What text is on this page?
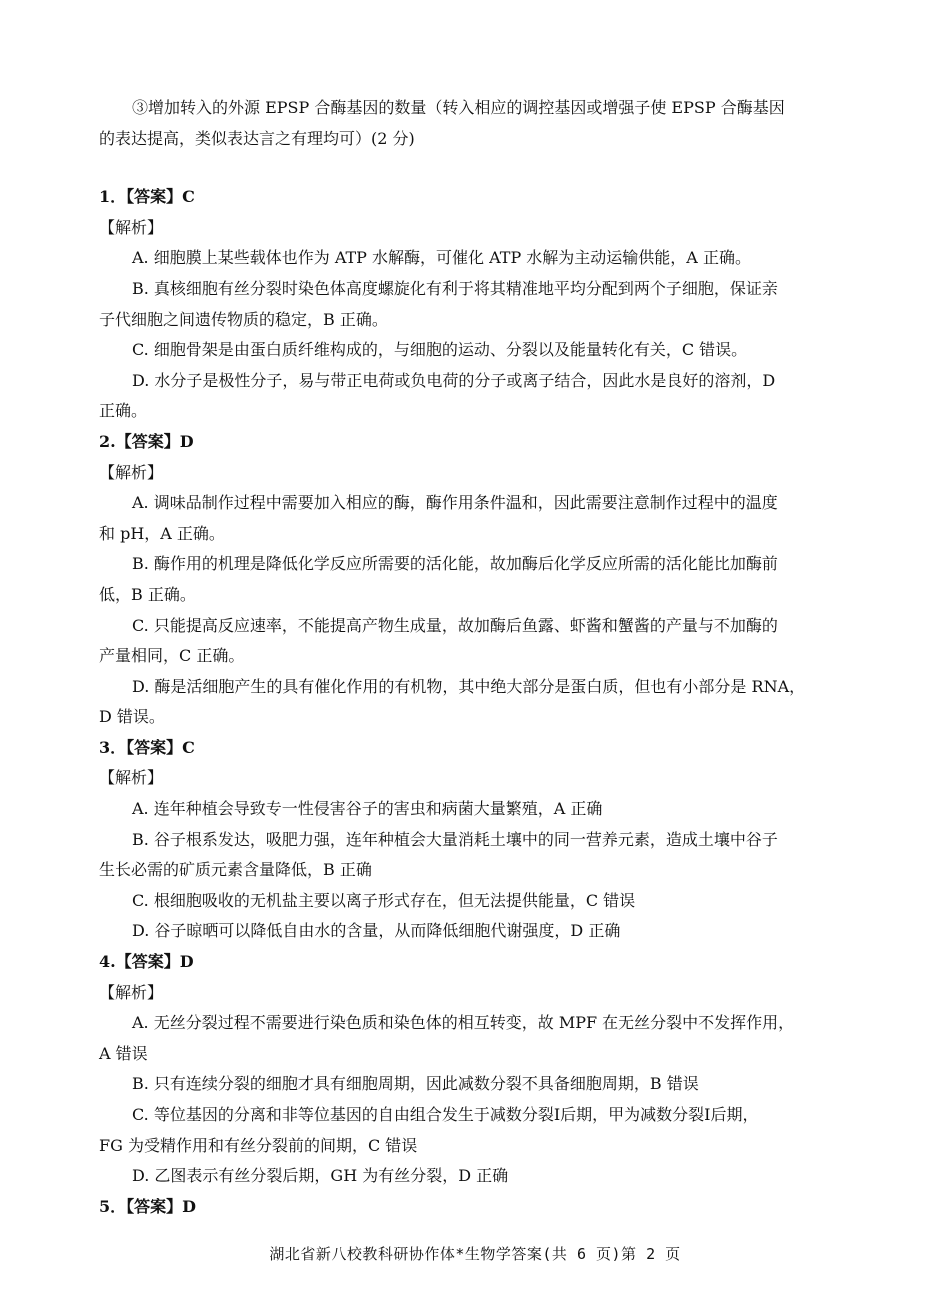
③增加转入的外源 EPSP 合酶基因的数量（转入相应的调控基因或增强子使 EPSP 合酶基因
的表达提高，类似表达言之有理均可）(2 分)
1．【答案】C
【解析】
A. 细胞膜上某些载体也作为 ATP 水解酶，可催化 ATP 水解为主动运输供能，A 正确。
B. 真核细胞有丝分裂时染色体高度螺旋化有利于将其精准地平均分配到两个子细胞，保证亲
子代细胞之间遗传物质的稳定，B 正确。
C. 细胞骨架是由蛋白质纤维构成的，与细胞的运动、分裂以及能量转化有关，C 错误。
D. 水分子是极性分子，易与带正电荷或负电荷的分子或离子结合，因此水是良好的溶剂，D
正确。
2.【答案】D
【解析】
A. 调味品制作过程中需要加入相应的酶，酶作用条件温和，因此需要注意制作过程中的温度
和 pH，A 正确。
B. 酶作用的机理是降低化学反应所需要的活化能，故加酶后化学反应所需的活化能比加酶前
低，B 正确。
C. 只能提高反应速率，不能提高产物生成量，故加酶后鱼露、虾酱和蟹酱的产量与不加酶的
产量相同，C 正确。
D. 酶是活细胞产生的具有催化作用的有机物，其中绝大部分是蛋白质，但也有小部分是 RNA，
D 错误。
3．【答案】C
【解析】
A. 连年种植会导致专一性侵害谷子的害虫和病菌大量繁殖，A 正确
B. 谷子根系发达，吸肥力强，连年种植会大量消耗土壤中的同一营养元素，造成土壤中谷子
生长必需的矿质元素含量降低，B 正确
C. 根细胞吸收的无机盐主要以离子形式存在，但无法提供能量，C 错误
D. 谷子晾晒可以降低自由水的含量，从而降低细胞代谢强度，D 正确
4.【答案】D
【解析】
A. 无丝分裂过程不需要进行染色质和染色体的相互转变，故 MPF 在无丝分裂中不发挥作用，
A 错误
B. 只有连续分裂的细胞才具有细胞周期，因此减数分裂不具备细胞周期，B 错误
C. 等位基因的分离和非等位基因的自由组合发生于减数分裂Ⅰ后期，甲为减数分裂Ⅰ后期，
FG 为受精作用和有丝分裂前的间期，C 错误
D. 乙图表示有丝分裂后期，GH 为有丝分裂，D 正确
5．【答案】D
湖北省新八校教科研协作体*生物学答案(共 6 页)第 2 页
